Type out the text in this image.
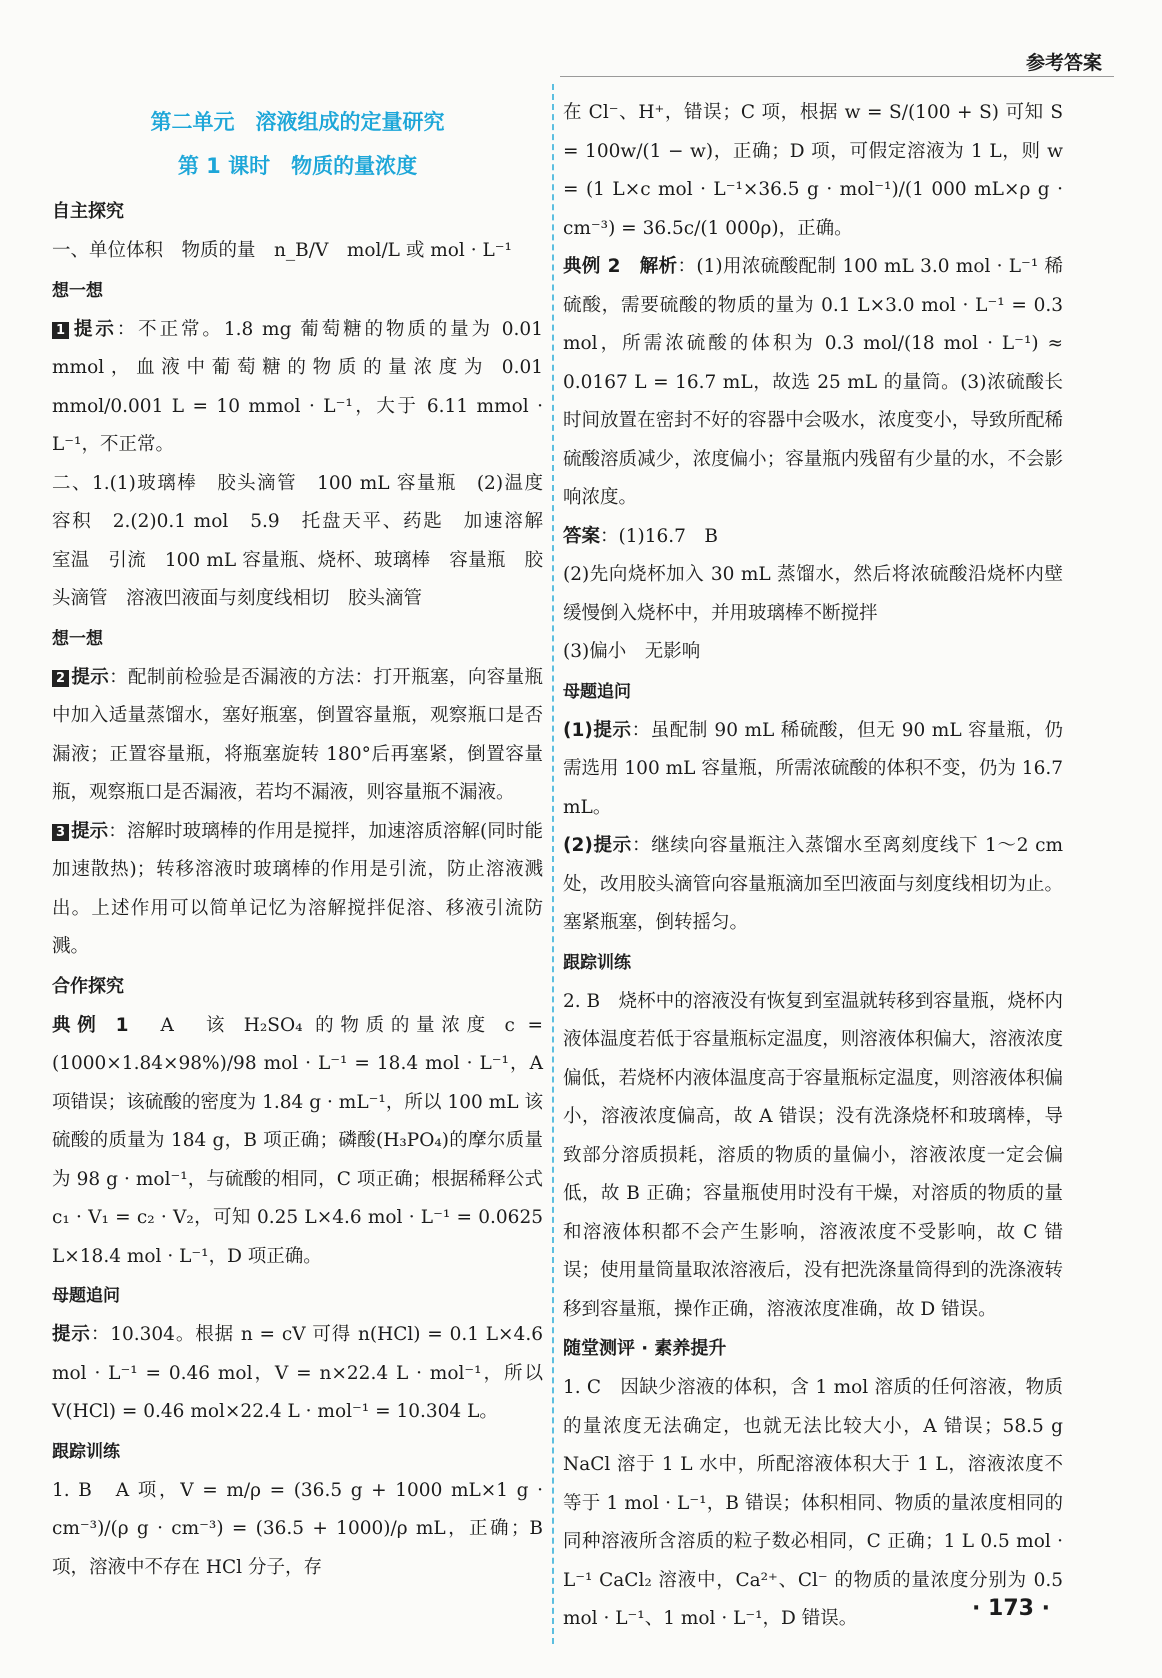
参考答案
第二单元　溶液组成的定量研究
第 1 课时　物质的量浓度
自主探究

一、单位体积　物质的量　n_B/V　mol/L 或 mol · L⁻¹

想一想

1 提示：不正常。1.8 mg 葡萄糖的物质的量为 0.01 mmol，血液中葡萄糖的物质的量浓度为 0.01 mmol/0.001 L = 10 mmol · L⁻¹，大于 6.11 mmol · L⁻¹，不正常。

二、1.(1)玻璃棒　胶头滴管　100 mL 容量瓶　(2)温度　容积　2.(2)0.1 mol　5.9　托盘天平、药匙　加速溶解　室温　引流　100 mL 容量瓶、烧杯、玻璃棒　容量瓶　胶头滴管　溶液凹液面与刻度线相切　胶头滴管

想一想

2 提示：配制前检验是否漏液的方法：打开瓶塞，向容量瓶中加入适量蒸馏水，塞好瓶塞，倒置容量瓶，观察瓶口是否漏液；正置容量瓶，将瓶塞旋转 180°后再塞紧，倒置容量瓶，观察瓶口是否漏液，若均不漏液，则容量瓶不漏液。

3 提示：溶解时玻璃棒的作用是搅拌，加速溶质溶解(同时能加速散热)；转移溶液时玻璃棒的作用是引流，防止溶液溅出。上述作用可以简单记忆为溶解搅拌促溶、移液引流防溅。

合作探究

典例 1　A　该 H₂SO₄ 的物质的量浓度 c = (1000×1.84×98%)/98 mol · L⁻¹ = 18.4 mol · L⁻¹，A 项错误；该硫酸的密度为 1.84 g · mL⁻¹，所以 100 mL 该硫酸的质量为 184 g，B 项正确；磷酸(H₃PO₄)的摩尔质量为 98 g · mol⁻¹，与硫酸的相同，C 项正确；根据稀释公式 c₁ · V₁ = c₂ · V₂，可知 0.25 L×4.6 mol · L⁻¹ = 0.0625 L×18.4 mol · L⁻¹，D 项正确。

母题追问

提示：10.304。根据 n = cV 可得 n(HCl) = 0.1 L×4.6 mol · L⁻¹ = 0.46 mol，V = n×22.4 L · mol⁻¹，所以 V(HCl) = 0.46 mol×22.4 L · mol⁻¹ = 10.304 L。

跟踪训练

1. B　A 项，V = m/ρ = (36.5 g + 1000 mL×1 g · cm⁻³)/(ρ g · cm⁻³) = (36.5 + 1000)/ρ mL，正确；B 项，溶液中不存在 HCl 分子，存

在 Cl⁻、H⁺，错误；C 项，根据 w = S/(100 + S) 可知 S = 100w/(1 − w)，正确；D 项，可假定溶液为 1 L，则 w = (1 L×c mol · L⁻¹×36.5 g · mol⁻¹)/(1 000 mL×ρ g · cm⁻³) = 36.5c/(1 000ρ)，正确。

典例 2　 解析：(1)用浓硫酸配制 100 mL 3.0 mol · L⁻¹ 稀硫酸，需要硫酸的物质的量为 0.1 L×3.0 mol · L⁻¹ = 0.3 mol，所需浓硫酸的体积为 0.3 mol/(18 mol · L⁻¹) ≈ 0.0167 L = 16.7 mL，故选 25 mL 的量筒。(3)浓硫酸长时间放置在密封不好的容器中会吸水，浓度变小，导致所配稀硫酸溶质减少，浓度偏小；容量瓶内残留有少量的水，不会影响浓度。

答案：(1)16.7　B

(2)先向烧杯加入 30 mL 蒸馏水，然后将浓硫酸沿烧杯内壁缓慢倒入烧杯中，并用玻璃棒不断搅拌

(3)偏小　无影响

母题追问

(1)提示：虽配制 90 mL 稀硫酸，但无 90 mL 容量瓶，仍需选用 100 mL 容量瓶，所需浓硫酸的体积不变，仍为 16.7 mL。

(2)提示：继续向容量瓶注入蒸馏水至离刻度线下 1～2 cm 处，改用胶头滴管向容量瓶滴加至凹液面与刻度线相切为止。塞紧瓶塞，倒转摇匀。

跟踪训练

2. B　烧杯中的溶液没有恢复到室温就转移到容量瓶，烧杯内液体温度若低于容量瓶标定温度，则溶液体积偏大，溶液浓度偏低，若烧杯内液体温度高于容量瓶标定温度，则溶液体积偏小，溶液浓度偏高，故 A 错误；没有洗涤烧杯和玻璃棒，导致部分溶质损耗，溶质的物质的量偏小，溶液浓度一定会偏低，故 B 正确；容量瓶使用时没有干燥，对溶质的物质的量和溶液体积都不会产生影响，溶液浓度不受影响，故 C 错误；使用量筒量取浓溶液后，没有把洗涤量筒得到的洗涤液转移到容量瓶，操作正确，溶液浓度准确，故 D 错误。

随堂测评 · 素养提升

1. C　因缺少溶液的体积，含 1 mol 溶质的任何溶液，物质的量浓度无法确定，也就无法比较大小，A 错误；58.5 g NaCl 溶于 1 L 水中，所配溶液体积大于 1 L，溶液浓度不等于 1 mol · L⁻¹，B 错误；体积相同、物质的量浓度相同的同种溶液所含溶质的粒子数必相同，C 正确；1 L 0.5 mol · L⁻¹ CaCl₂ 溶液中，Ca²⁺、Cl⁻ 的物质的量浓度分别为 0.5 mol · L⁻¹、1 mol · L⁻¹，D 错误。	· 173 ·
